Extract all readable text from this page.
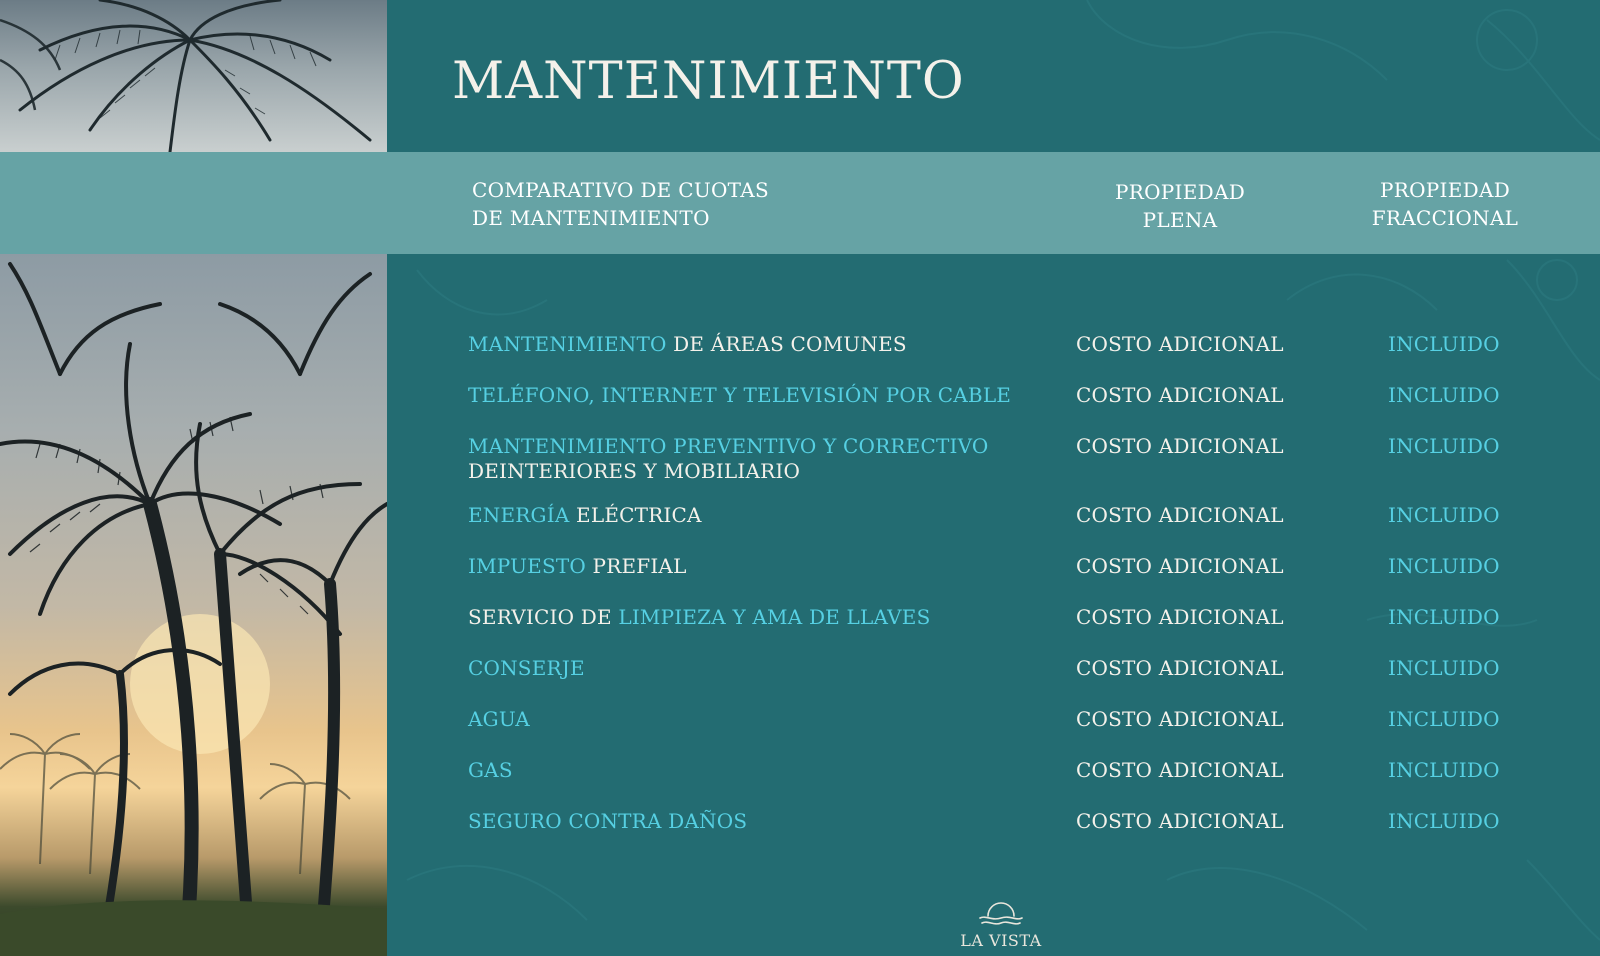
MANTENIMIENTO
COMPARATIVO DE CUOTAS
DE MANTENIMIENTO
PROPIEDAD
PLENA
PROPIEDAD
FRACCIONAL
MANTENIMIENTO DE ÁREAS COMUNES	COSTO ADICIONAL	INCLUIDO
TELÉFONO, INTERNET Y TELEVISIÓN POR CABLE	COSTO ADICIONAL	INCLUIDO
MANTENIMIENTO PREVENTIVO Y CORRECTIVO
DEINTERIORES Y MOBILIARIO
COSTO ADICIONAL	INCLUIDO
ENERGÍA ELÉCTRICA	COSTO ADICIONAL	INCLUIDO
IMPUESTO PREFIAL	COSTO ADICIONAL	INCLUIDO
SERVICIO DE LIMPIEZA Y AMA DE LLAVES	COSTO ADICIONAL	INCLUIDO
CONSERJE	COSTO ADICIONAL	INCLUIDO
AGUA	COSTO ADICIONAL	INCLUIDO
GAS	COSTO ADICIONAL	INCLUIDO
SEGURO CONTRA DAÑOS	COSTO ADICIONAL	INCLUIDO
LA VISTA
